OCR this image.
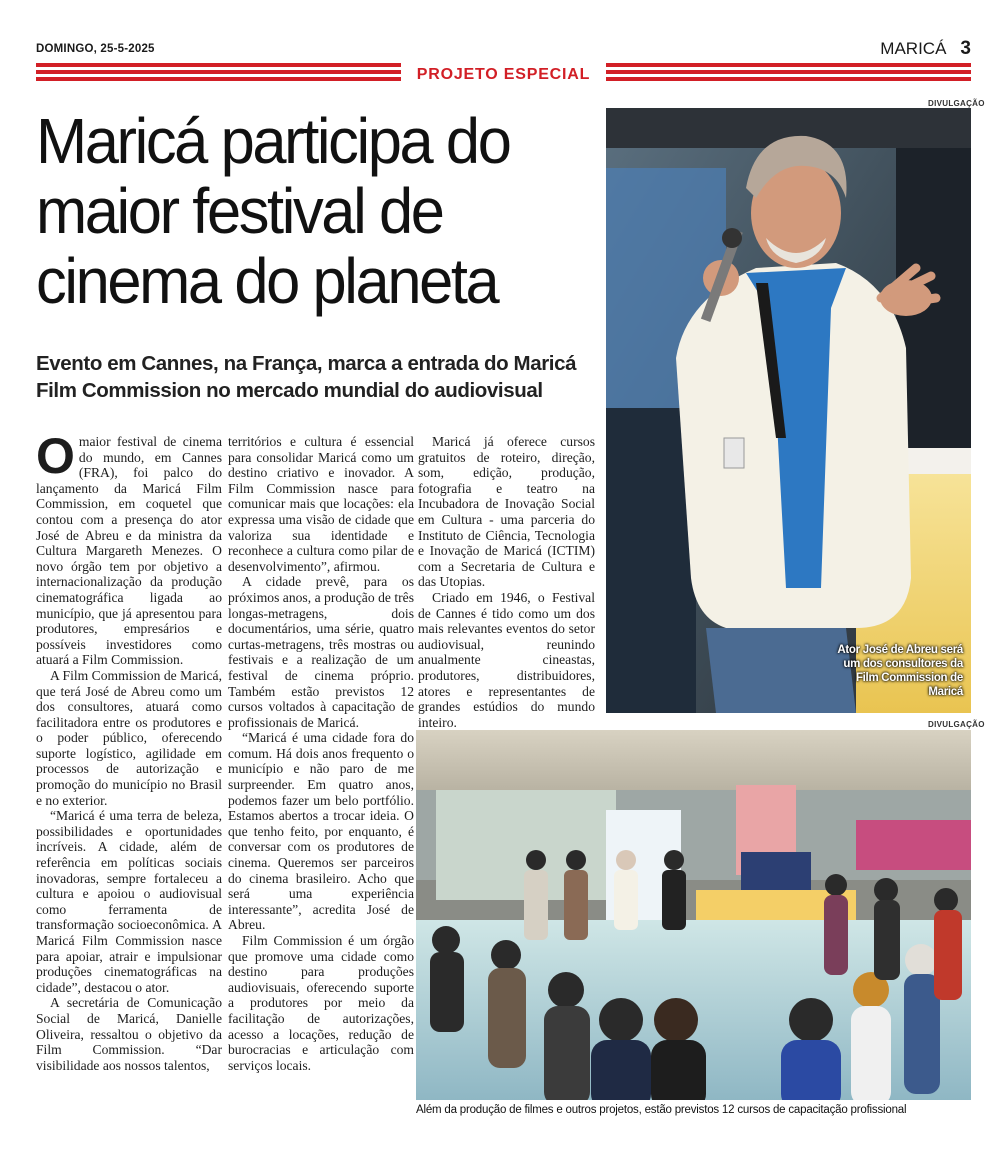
DOMINGO, 25-5-2025	MARICÁ 3
PROJETO ESPECIAL
Maricá participa do maior festival de cinema do planeta
Evento em Cannes, na França, marca a entrada do Maricá Film Commission no mercado mundial do audiovisual

Omaior festival de cinema do mundo, em Cannes (FRA), foi palco do lançamento da Maricá Film Commission, em coquetel que contou com a presença do ator José de Abreu e da ministra da Cultura Margareth Menezes. O novo órgão tem por objetivo a internacionalização da produção cinematográfica ligada ao município, que já apresentou para produtores, empresários e possíveis investidores como atuará a Film Commission.

A Film Commission de Maricá, que terá José de Abreu como um dos consultores, atuará como facilitadora entre os produtores e o poder público, oferecendo suporte logístico, agilidade em processos de autorização e promoção do município no Brasil e no exterior.

“Maricá é uma terra de beleza, possibilidades e oportunidades incríveis. A cidade, além de referência em políticas sociais inovadoras, sempre fortaleceu a cultura e apoiou o audiovisual como ferramenta de transformação socioeconômica. A Maricá Film Commission nasce para apoiar, atrair e impulsionar produções cinematográficas na cidade”, destacou o ator.

A secretária de Comunicação Social de Maricá, Danielle Oliveira, ressaltou o objetivo da Film Commission. “Dar visibilidade aos nossos talentos,

territórios e cultura é essencial para consolidar Maricá como um destino criativo e inovador. A Film Commission nasce para comunicar mais que locações: ela expressa uma visão de cidade que valoriza sua identidade e reconhece a cultura como pilar de desenvolvimento”, afirmou.

A cidade prevê, para os próximos anos, a produção de três longas-metragens, dois documentários, uma série, quatro curtas-metragens, três mostras ou festivais e a realização de um festival de cinema próprio. Também estão previstos 12 cursos voltados à capacitação de profissionais de Maricá.

“Maricá é uma cidade fora do comum. Há dois anos frequento o município e não paro de me surpreender. Em quatro anos, podemos fazer um belo portfólio. Estamos abertos a trocar ideia. O que tenho feito, por enquanto, é conversar com os produtores de cinema. Queremos ser parceiros do cinema brasileiro. Acho que será uma experiência interessante”, acredita José de Abreu.

Film Commission é um órgão que promove uma cidade como destino para produções audiovisuais, oferecendo suporte a produtores por meio da facilitação de autorizações, acesso a locações, redução de burocracias e articulação com serviços locais.

Maricá já oferece cursos gratuitos de roteiro, direção, som, edição, produção, fotografia e teatro na Incubadora de Inovação Social em Cultura - uma parceria do Instituto de Ciência, Tecnologia e Inovação de Maricá (ICTIM) com a Secretaria de Cultura e das Utopias.

Criado em 1946, o Festival de Cannes é tido como um dos mais relevantes eventos do setor audiovisual, reunindo anualmente cineastas, produtores, distribuidores, atores e representantes de grandes estúdios do mundo inteiro.

DIVULGAÇÃO
Ator José de Abreu será um dos consultores da Film Commission de Maricá
DIVULGAÇÃO
Além da produção de filmes e outros projetos, estão previstos 12 cursos de capacitação profissional
